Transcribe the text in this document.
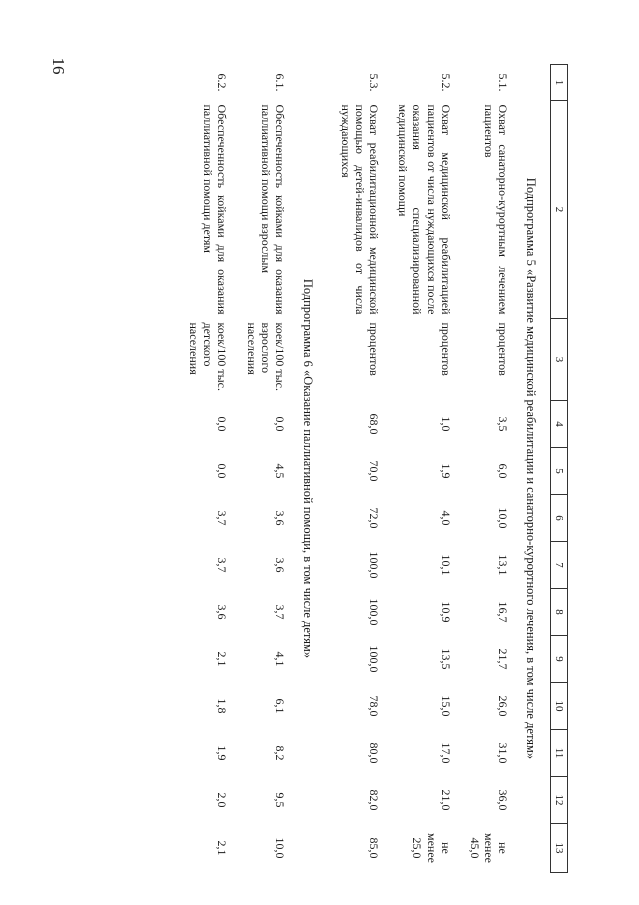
16
1	2	3	4	5	6	7	8	9	10	11	12	13
Подпрограмма 5 «Развитие медицинской реабилитации и санаторно-курортного лечения, в том числе детям»												
5.1.	Охват санаторно-курортным лечением пациентов	процентов	3,5	6,0	10,0	13,1	16,7	21,7	26,0	31,0	36,0	не менее 45,0
5.2.	Охват медицинской реабилитацией пациентов от числа нуждающихся после оказания специализированной медицинской помощи	процентов	1,0	1,9	4,0	10,1	10,9	13,5	15,0	17,0	21,0	не менее 25,0
5.3.	Охват реабилитационной медицинской помощью детей-инвалидов от числа нуждающихся	процентов	68,0	70,0	72,0	100,0	100,0	100,0	78,0	80,0	82,0	85,0
Подпрограмма 6 «Оказание паллиативной помощи, в том числе детям»												
6.1.	Обеспеченность койками для оказания паллиативной помощи взрослым	коек/100 тыс. взрослого населения	0,0	4,5	3,6	3,6	3,7	4,1	6,1	8,2	9,5	10,0
6.2.	Обеспеченность койками для оказания паллиативной помощи детям	коек/100 тыс. детского населения	0,0	0,0	3,7	3,7	3,6	2,1	1,8	1,9	2,0	2,1
